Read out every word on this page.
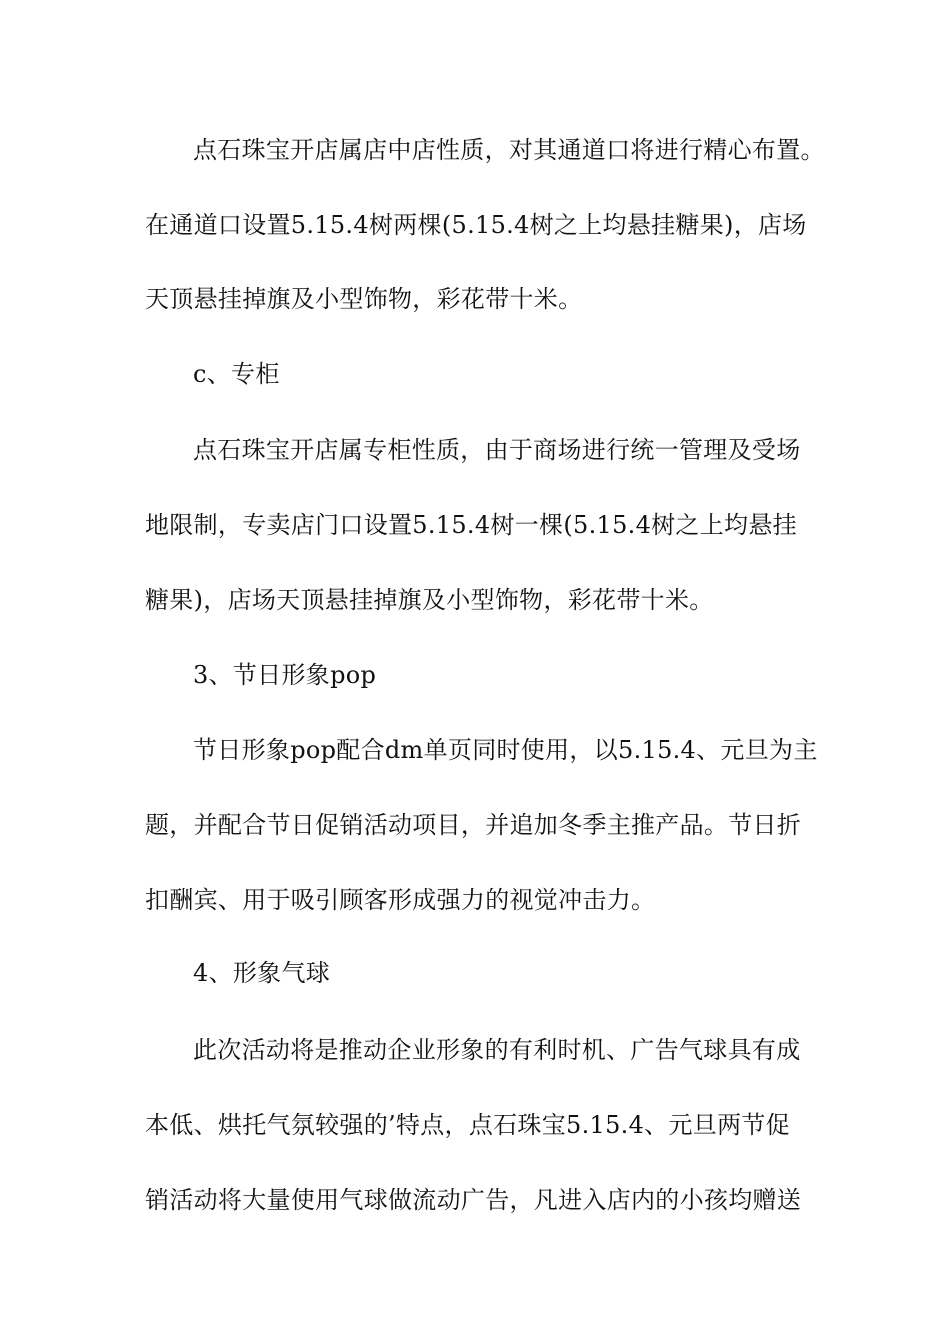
点石珠宝开店属店中店性质，对其通道口将进行精心布置。
在通道口设置5.15.4树两棵(5.15.4树之上均悬挂糖果)，店场
天顶悬挂掉旗及小型饰物，彩花带十米。
c、专柜
点石珠宝开店属专柜性质，由于商场进行统一管理及受场
地限制，专卖店门口设置5.15.4树一棵(5.15.4树之上均悬挂
糖果)，店场天顶悬挂掉旗及小型饰物，彩花带十米。
3、节日形象pop
节日形象pop配合dm单页同时使用，以5.15.4、元旦为主
题，并配合节日促销活动项目，并追加冬季主推产品。节日折
扣酬宾、用于吸引顾客形成强力的视觉冲击力。
4、形象气球
此次活动将是推动企业形象的有利时机、广告气球具有成
本低、烘托气氛较强的’特点，点石珠宝5.15.4、元旦两节促
销活动将大量使用气球做流动广告，凡进入店内的小孩均赠送
